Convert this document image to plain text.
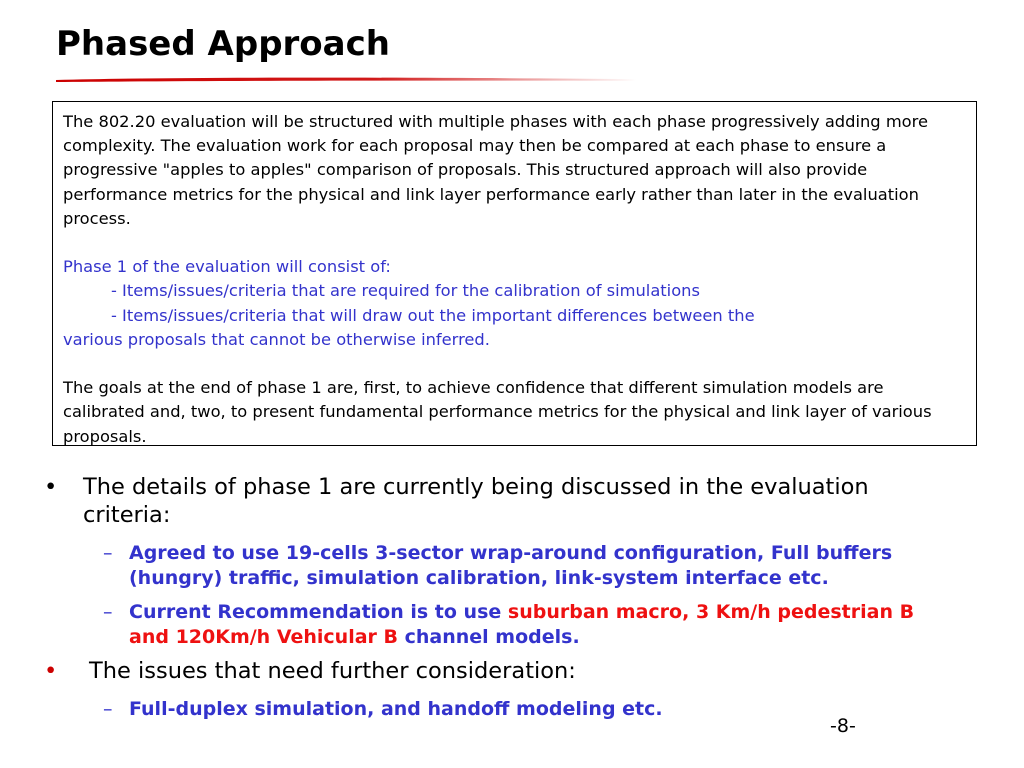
Phased Approach

The 802.20 evaluation will be structured with multiple phases with each phase progressively adding more complexity. The evaluation work for each proposal may then be compared at each phase to ensure a progressive "apples to apples" comparison of proposals. This structured approach will also provide performance metrics for the physical and link layer performance early rather than later in the evaluation process.

Phase 1 of the evaluation will consist of:

- Items/issues/criteria that are required for the calibration of simulations

- Items/issues/criteria that will draw out the important differences between the

various proposals that cannot be otherwise inferred.

The goals at the end of phase 1 are, first, to achieve confidence that different simulation models are calibrated and, two, to present fundamental performance metrics for the physical and link layer of various proposals.

• The details of phase 1 are currently being discussed in the evaluation criteria:
– Agreed to use 19-cells 3-sector wrap-around configuration, Full buffers (hungry) traffic, simulation calibration, link-system interface etc.
– Current Recommendation is to use suburban macro, 3 Km/h pedestrian B and 120Km/h Vehicular B channel models.
• The issues that need further consideration:
– Full-duplex simulation, and handoff modeling etc.
-8-
